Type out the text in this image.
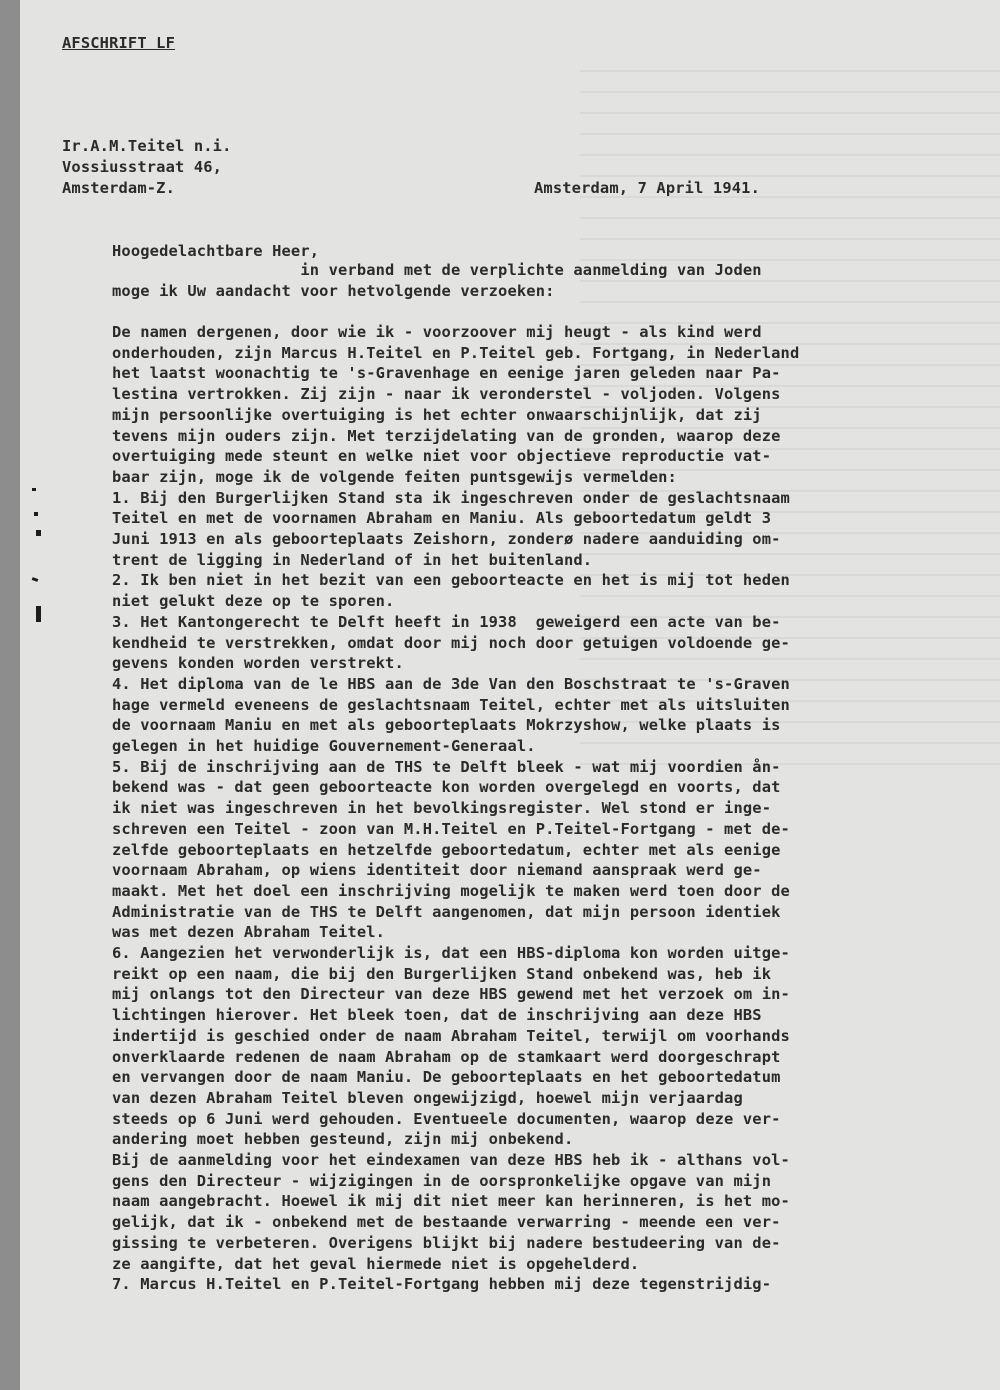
AFSCHRIFT LF
Ir.A.M.Teitel n.i.
Vossiusstraat 46,
Amsterdam-Z.	Amsterdam, 7 April 1941.
Hoogedelachtbare Heer,
in verband met de verplichte aanmelding van Joden
moge ik Uw aandacht voor hetvolgende verzoeken:
De namen dergenen, door wie ik - voorzoover mij heugt - als kind werd
onderhouden, zijn Marcus H.Teitel en P.Teitel geb. Fortgang, in Nederland
het laatst woonachtig te 's-Gravenhage en eenige jaren geleden naar Pa-
lestina vertrokken. Zij zijn - naar ik veronderstel - voljoden. Volgens
mijn persoonlijke overtuiging is het echter onwaarschijnlijk, dat zij
tevens mijn ouders zijn. Met terzijdelating van de gronden, waarop deze
overtuiging mede steunt en welke niet voor objectieve reproductie vat-
baar zijn, moge ik de volgende feiten puntsgewijs vermelden:
1. Bij den Burgerlijken Stand sta ik ingeschreven onder de geslachtsnaam
Teitel en met de voornamen Abraham en Maniu. Als geboortedatum geldt 3
Juni 1913 en als geboorteplaats Zeishorn, zonderø nadere aanduiding om-
trent de ligging in Nederland of in het buitenland.
2. Ik ben niet in het bezit van een geboorteacte en het is mij tot heden
niet gelukt deze op te sporen.
3. Het Kantongerecht te Delft heeft in 1938  geweigerd een acte van be-
kendheid te verstrekken, omdat door mij noch door getuigen voldoende ge-
gevens konden worden verstrekt.
4. Het diploma van de le HBS aan de 3de Van den Boschstraat te 's-Graven
hage vermeld eveneens de geslachtsnaam Teitel, echter met als uitsluiten
de voornaam Maniu en met als geboorteplaats Mokrzyshow, welke plaats is
gelegen in het huidige Gouvernement-Generaal.
5. Bij de inschrijving aan de THS te Delft bleek - wat mij voordien ån-
bekend was - dat geen geboorteacte kon worden overgelegd en voorts, dat
ik niet was ingeschreven in het bevolkingsregister. Wel stond er inge-
schreven een Teitel - zoon van M.H.Teitel en P.Teitel-Fortgang - met de-
zelfde geboorteplaats en hetzelfde geboortedatum, echter met als eenige
voornaam Abraham, op wiens identiteit door niemand aanspraak werd ge-
maakt. Met het doel een inschrijving mogelijk te maken werd toen door de
Administratie van de THS te Delft aangenomen, dat mijn persoon identiek
was met dezen Abraham Teitel.
6. Aangezien het verwonderlijk is, dat een HBS-diploma kon worden uitge-
reikt op een naam, die bij den Burgerlijken Stand onbekend was, heb ik
mij onlangs tot den Directeur van deze HBS gewend met het verzoek om in-
lichtingen hierover. Het bleek toen, dat de inschrijving aan deze HBS
indertijd is geschied onder de naam Abraham Teitel, terwijl om voorhands
onverklaarde redenen de naam Abraham op de stamkaart werd doorgeschrapt
en vervangen door de naam Maniu. De geboorteplaats en het geboortedatum
van dezen Abraham Teitel bleven ongewijzigd, hoewel mijn verjaardag
steeds op 6 Juni werd gehouden. Eventueele documenten, waarop deze ver-
andering moet hebben gesteund, zijn mij onbekend.
Bij de aanmelding voor het eindexamen van deze HBS heb ik - althans vol-
gens den Directeur - wijzigingen in de oorspronkelijke opgave van mijn
naam aangebracht. Hoewel ik mij dit niet meer kan herinneren, is het mo-
gelijk, dat ik - onbekend met de bestaande verwarring - meende een ver-
gissing te verbeteren. Overigens blijkt bij nadere bestudeering van de-
ze aangifte, dat het geval hiermede niet is opgehelderd.
7. Marcus H.Teitel en P.Teitel-Fortgang hebben mij deze tegenstrijdig-
